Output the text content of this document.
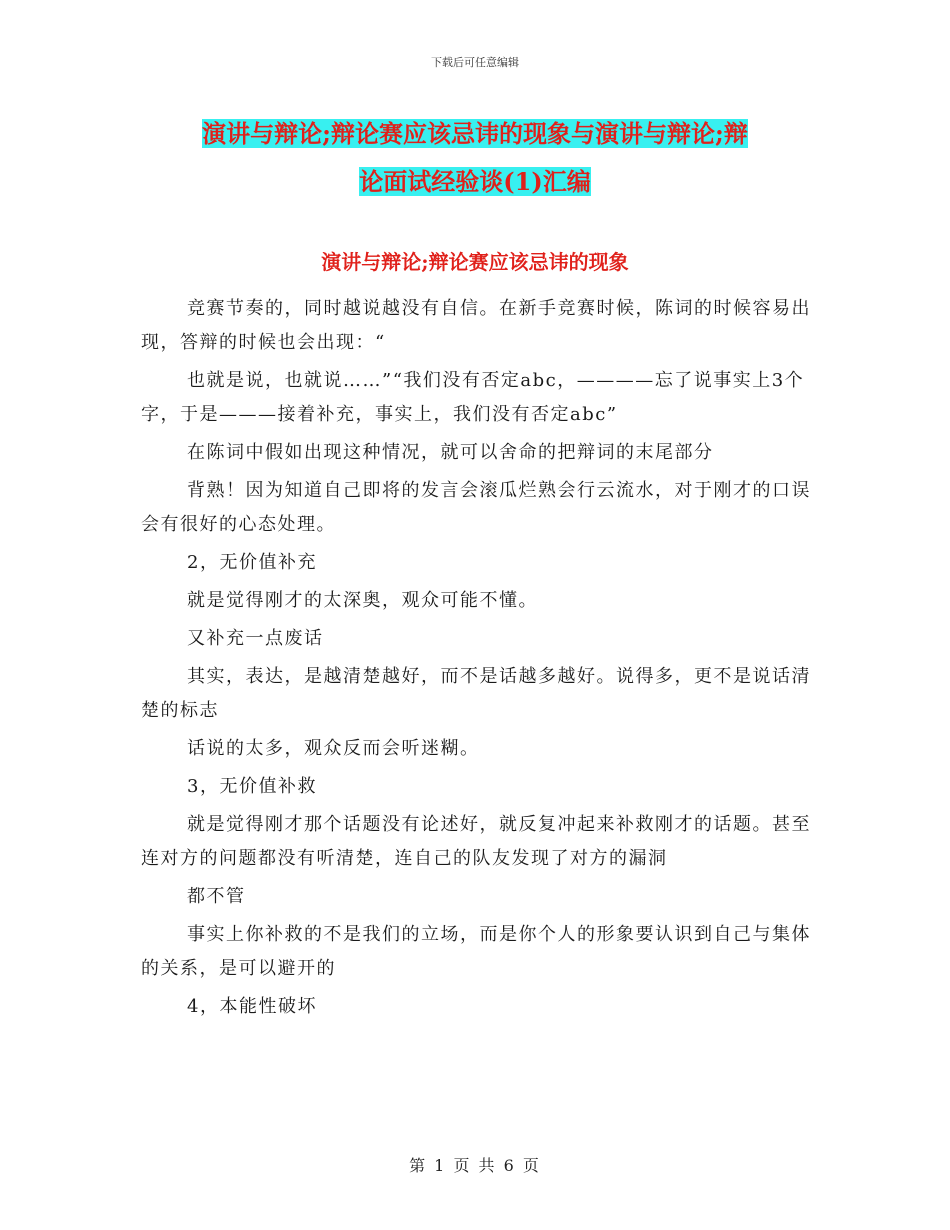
下载后可任意编辑
演讲与辩论;辩论赛应该忌讳的现象与演讲与辩论;辩
论面试经验谈(1)汇编
演讲与辩论;辩论赛应该忌讳的现象

竞赛节奏的，同时越说越没有自信。在新手竞赛时候，陈词的时候容易出现，答辩的时候也会出现：“

也就是说，也就说……”“我们没有否定abc，————忘了说事实上3个字，于是———接着补充，事实上，我们没有否定abc”

在陈词中假如出现这种情况，就可以舍命的把辩词的末尾部分

背熟！因为知道自己即将的发言会滚瓜烂熟会行云流水，对于刚才的口误会有很好的心态处理。

2，无价值补充

就是觉得刚才的太深奥，观众可能不懂。

又补充一点废话

其实，表达，是越清楚越好，而不是话越多越好。说得多，更不是说话清楚的标志

话说的太多，观众反而会听迷糊。

3，无价值补救

就是觉得刚才那个话题没有论述好，就反复冲起来补救刚才的话题。甚至连对方的问题都没有听清楚，连自己的队友发现了对方的漏洞

都不管

事实上你补救的不是我们的立场，而是你个人的形象要认识到自己与集体的关系，是可以避开的

4，本能性破坏

第 1 页 共 6 页
